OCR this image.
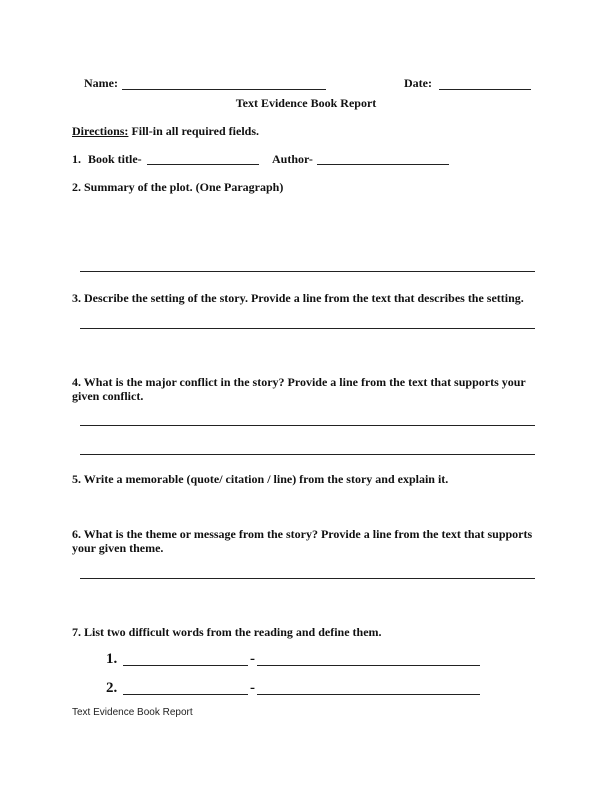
Name:	Date:
Text Evidence Book Report
Directions: Fill-in all required fields.
1. Book title-	Author-
2. Summary of the plot. (One Paragraph)
3. Describe the setting of the story. Provide a line from the text that describes the setting.
4. What is the major conflict in the story? Provide a line from the text that supports your
given conflict.
5. Write a memorable (quote/ citation / line) from the story and explain it.
6. What is the theme or message from the story? Provide a line from the text that supports
your given theme.
7. List two difficult words from the reading and define them.
1.	-
2.	-
Text Evidence Book Report
